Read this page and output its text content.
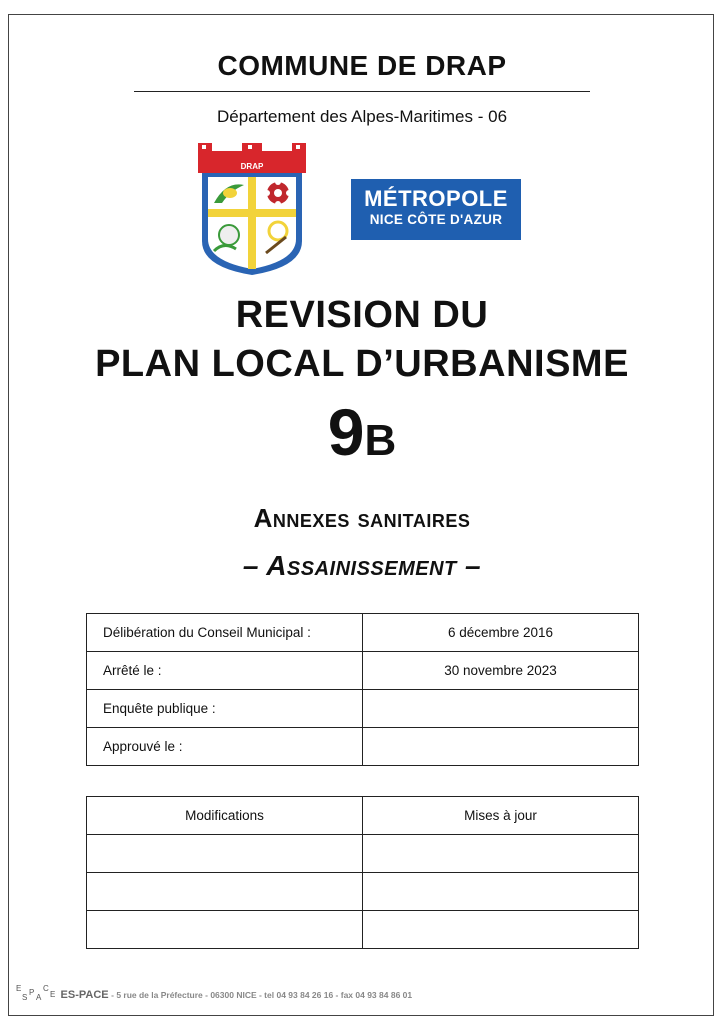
COMMUNE DE DRAP
Département des Alpes-Maritimes - 06
DRAP
MÉTROPOLE
NICE CÔTE D'AZUR
REVISION DU
PLAN LOCAL D’URBANISME
9B
Annexes sanitaires
– Assainissement –
Délibération du Conseil Municipal :	6 décembre 2016
Arrêté le :	30 novembre 2023
Enquête publique :	
Approuvé le :	
Modifications	Mises à jour

E
S
P
A
C
E ES-PACE - 5 rue de la Préfecture - 06300 NICE - tel 04 93 84 26 16 - fax 04 93 84 86 01
